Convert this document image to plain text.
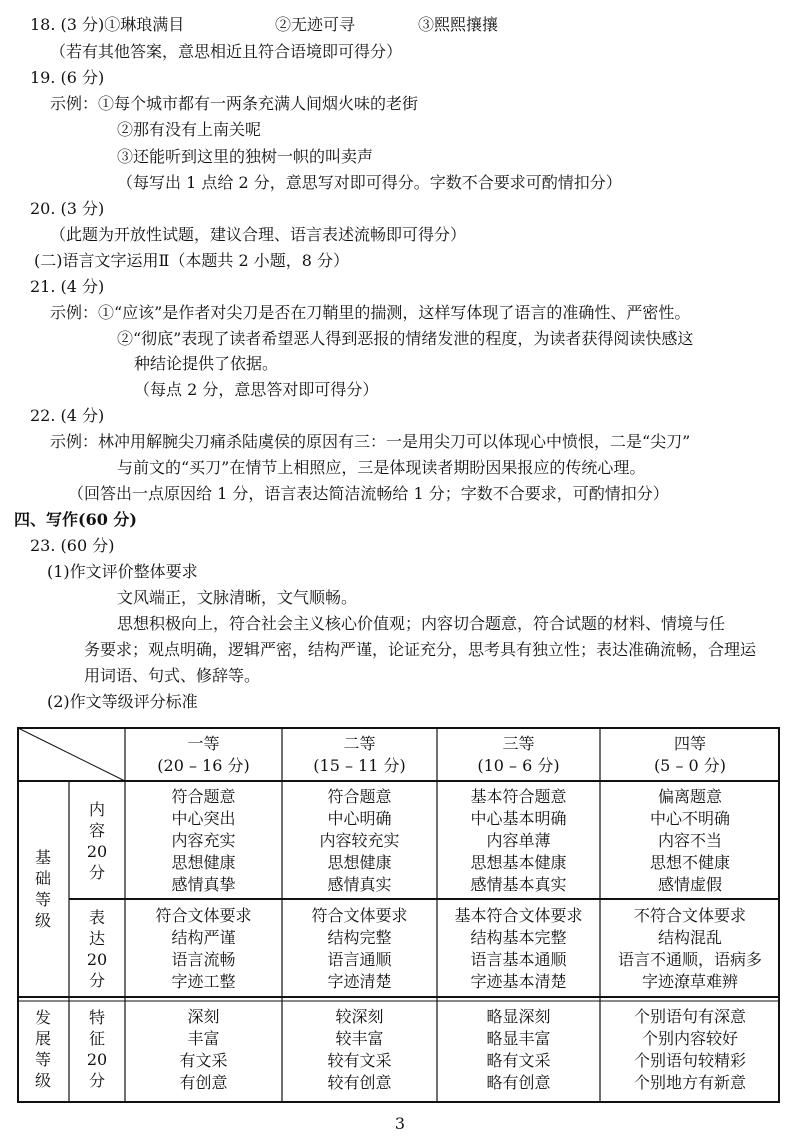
18. (3 分)①琳琅满目	②无迹可寻	③熙熙攘攘
（若有其他答案，意思相近且符合语境即可得分）
19. (6 分)
示例：①每个城市都有一两条充满人间烟火味的老街
②那有没有上南关呢
③还能听到这里的独树一帜的叫卖声
（每写出 1 点给 2 分，意思写对即可得分。字数不合要求可酌情扣分）
20. (3 分)
（此题为开放性试题，建议合理、语言表述流畅即可得分）
(二)语言文字运用Ⅱ（本题共 2 小题，8 分）
21. (4 分)
示例：①“应该”是作者对尖刀是否在刀鞘里的揣测，这样写体现了语言的准确性、严密性。
②“彻底”表现了读者希望恶人得到恶报的情绪发泄的程度，为读者获得阅读快感这
种结论提供了依据。
（每点 2 分，意思答对即可得分）
22. (4 分)
示例：林冲用解腕尖刀痛杀陆虞侯的原因有三：一是用尖刀可以体现心中愤恨，二是“尖刀”
与前文的“买刀”在情节上相照应，三是体现读者期盼因果报应的传统心理。
（回答出一点原因给 1 分，语言表达简洁流畅给 1 分；字数不合要求，可酌情扣分）
四、写作(60 分)
23. (60 分)
(1)作文评价整体要求
文风端正，文脉清晰，文气顺畅。
思想积极向上，符合社会主义核心价值观；内容切合题意，符合试题的材料、情境与任
务要求；观点明确，逻辑严密，结构严谨，论证充分，思考具有独立性；表达准确流畅，合理运
用词语、句式、修辞等。
(2)作文等级评分标准
一等
(20 – 16 分)
二等
(15 – 11 分)
三等
(10 – 6 分)
四等
(5 – 0 分)
基
础
等
级
发
展
等
级
内
容
20
分
表
达
20
分
特
征
20
分
符合题意
中心突出
内容充实
思想健康
感情真挚
符合题意
中心明确
内容较充实
思想健康
感情真实
基本符合题意
中心基本明确
内容单薄
思想基本健康
感情基本真实
偏离题意
中心不明确
内容不当
思想不健康
感情虚假
符合文体要求
结构严谨
语言流畅
字迹工整
符合文体要求
结构完整
语言通顺
字迹清楚
基本符合文体要求
结构基本完整
语言基本通顺
字迹基本清楚
不符合文体要求
结构混乱
语言不通顺，语病多
字迹潦草难辨
深刻
丰富
有文采
有创意
较深刻
较丰富
较有文采
较有创意
略显深刻
略显丰富
略有文采
略有创意
个别语句有深意
个别内容较好
个别语句较精彩
个别地方有新意
3
